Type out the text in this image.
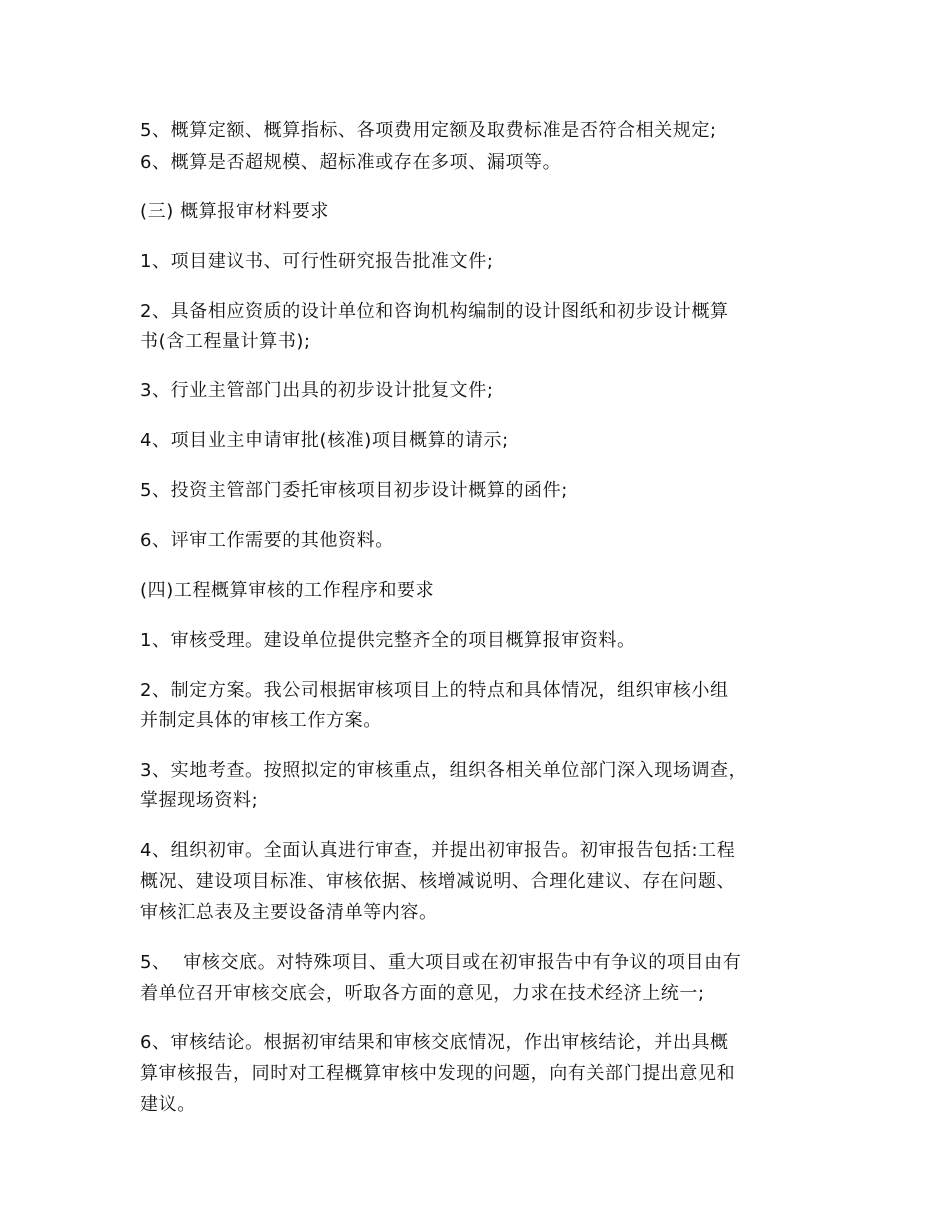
5、概算定额、概算指标、各项费用定额及取费标准是否符合相关规定;

6、概算是否超规模、超标准或存在多项、漏项等。

(三) 概算报审材料要求

1、项目建议书、可行性研究报告批准文件;

2、具备相应资质的设计单位和咨询机构编制的设计图纸和初步设计概算

书(含工程量计算书);

3、行业主管部门出具的初步设计批复文件;

4、项目业主申请审批(核准)项目概算的请示;

5、投资主管部门委托审核项目初步设计概算的函件;

6、评审工作需要的其他资料。

(四)工程概算审核的工作程序和要求

1、审核受理。建设单位提供完整齐全的项目概算报审资料。

2、制定方案。我公司根据审核项目上的特点和具体情况，组织审核小组

并制定具体的审核工作方案。

3、实地考查。按照拟定的审核重点，组织各相关单位部门深入现场调查，

掌握现场资料;

4、组织初审。全面认真进行审查，并提出初审报告。初审报告包括:工程

概况、建设项目标准、审核依据、核增减说明、合理化建议、存在问题、

审核汇总表及主要设备清单等内容。

5、  审核交底。对特殊项目、重大项目或在初审报告中有争议的项目由有

着单位召开审核交底会，听取各方面的意见，力求在技术经济上统一;

6、审核结论。根据初审结果和审核交底情况，作出审核结论，并出具概

算审核报告，同时对工程概算审核中发现的问题，向有关部门提出意见和

建议。
